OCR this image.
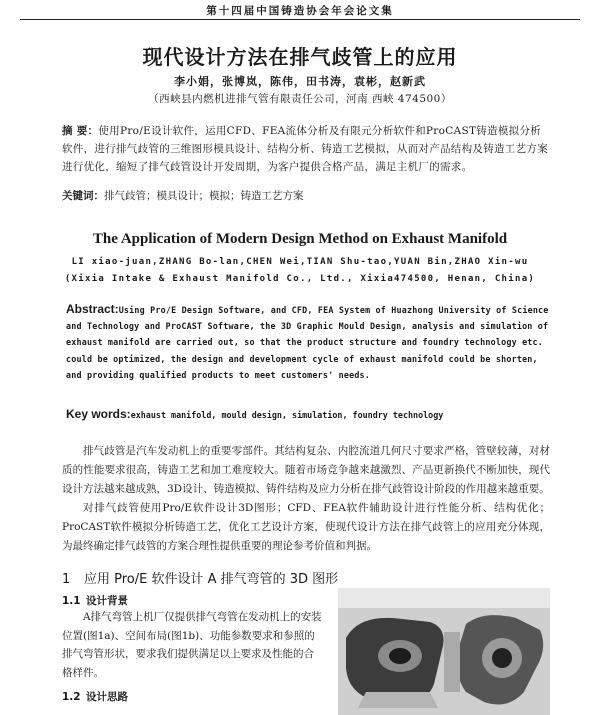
第十四届中国铸造协会年会论文集
现代设计方法在排气歧管上的应用
李小娟，张博岚，陈伟，田书涛，袁彬，赵新武
（西峡县内燃机进排气管有限责任公司，河南 西峡 474500）
摘 要：使用Pro/E设计软件，运用CFD、FEA流体分析及有限元分析软件和ProCAST铸造模拟分析软件，进行排气歧管的三维图形模具设计、结构分析、铸造工艺模拟，从而对产品结构及铸造工艺方案进行优化，缩短了排气歧管设计开发周期，为客户提供合格产品，满足主机厂的需求。
关键词：排气歧管；模具设计；模拟；铸造工艺方案
The Application of Modern Design Method on Exhaust Manifold
LI xiao-juan,ZHANG Bo-lan,CHEN Wei,TIAN Shu-tao,YUAN Bin,ZHAO Xin-wu
(Xixia Intake & Exhaust Manifold Co., Ltd., Xixia474500, Henan, China)
Abstract:Using Pro/E Design Software, and CFD, FEA System of Huazhong University of Science and Technology and ProCAST Software, the 3D Graphic Mould Design, analysis and simulation of exhaust manifold are carried out, so that the product structure and foundry technology etc. could be optimized, the design and development cycle of exhaust manifold could be shorten, and providing qualified products to meet customers' needs.
Key words:exhaust manifold, mould design, simulation, foundry technology
排气歧管是汽车发动机上的重要零部件。其结构复杂、内腔流道几何尺寸要求严格，管壁较薄，对材质的性能要求很高，铸造工艺和加工难度较大。随着市场竞争越来越激烈、产品更新换代不断加快，现代设计方法越来越成熟，3D设计、铸造模拟、铸件结构及应力分析在排气歧管设计阶段的作用越来越重要。
对排气歧管使用Pro/E软件设计3D图形；CFD、FEA软件辅助设计进行性能分析、结构优化；ProCAST软件模拟分析铸造工艺，优化工艺设计方案，使现代设计方法在排气歧管上的应用充分体现，为最终确定排气歧管的方案合理性提供重要的理论参考价值和判据。
1 应用 Pro/E 软件设计 A 排气弯管的 3D 图形
1.1 设计背景
A排气弯管上机厂仅提供排气弯管在发动机上的安装位置(图1a)、空间布局(图1b)、功能参数要求和参照的排气弯管形状，要求我们提供满足以上要求及性能的合格样件。
1.2 设计思路
